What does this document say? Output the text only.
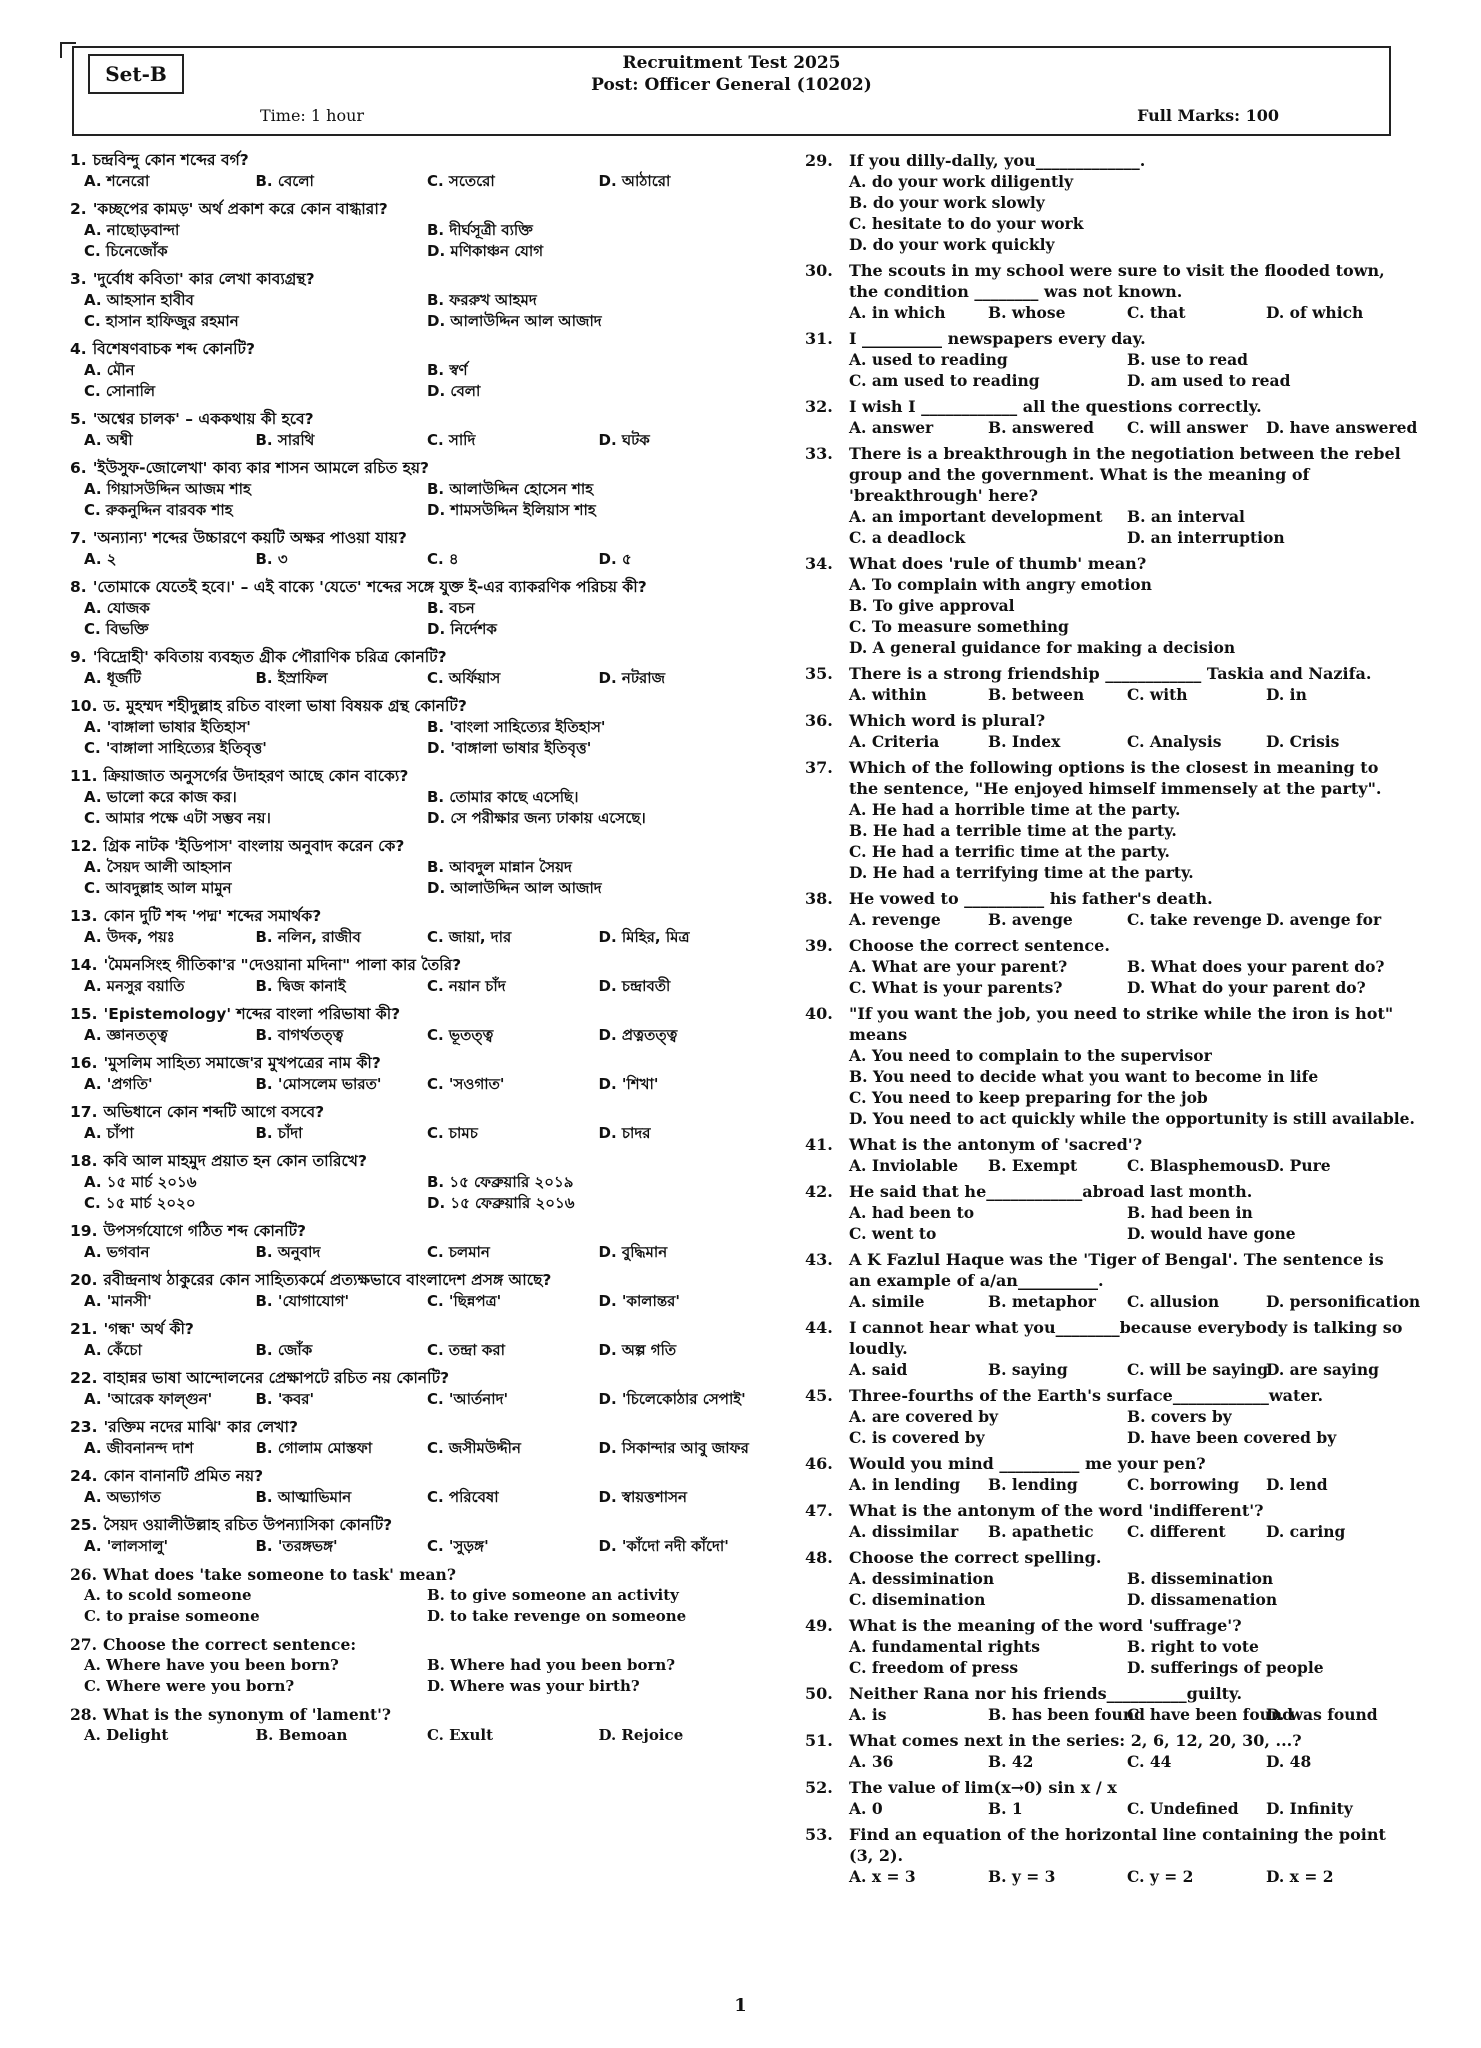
Set-B	Recruitment Test 2025
Post: Officer General (10202)
Time: 1 hour	Full Marks: 100
1. চন্দ্রবিন্দু কোন শব্দের বর্গ?
A. শনেরো	B. বেলো	C. সতেরো	D. আঠারো
2. 'কচ্ছপের কামড়' অর্থ প্রকাশ করে কোন বাগ্ধারা?
A. নাছোড়বান্দা	B. দীর্ঘসূত্রী ব্যক্তি
C. চিনেজোঁক	D. মণিকাঞ্চন যোগ
3. 'দুর্বোধ কবিতা' কার লেখা কাব্যগ্রন্থ?
A. আহসান হাবীব	B. ফররুখ আহমদ
C. হাসান হাফিজুর রহমান	D. আলাউদ্দিন আল আজাদ
4. বিশেষণবাচক শব্দ কোনটি?
A. মৌন	B. স্বর্ণ
C. সোনালি	D. বেলা
5. 'অশ্বের চালক' – এককথায় কী হবে?
A. অশ্বী	B. সারথি	C. সাদি	D. ঘটক
6. 'ইউসুফ-জোলেখা' কাব্য কার শাসন আমলে রচিত হয়?
A. গিয়াসউদ্দিন আজম শাহ	B. আলাউদ্দিন হোসেন শাহ
C. রুকনুদ্দিন বারবক শাহ	D. শামসউদ্দিন ইলিয়াস শাহ
7. 'অন্যান্য' শব্দের উচ্চারণে কয়টি অক্ষর পাওয়া যায়?
A. ২	B. ৩	C. ৪	D. ৫
8. 'তোমাকে যেতেই হবে।' – এই বাক্যে 'যেতে' শব্দের সঙ্গে যুক্ত ই-এর ব্যাকরণিক পরিচয় কী?
A. যোজক	B. বচন
C. বিভক্তি	D. নির্দেশক
9. 'বিদ্রোহী' কবিতায় ব্যবহৃত গ্রীক পৌরাণিক চরিত্র কোনটি?
A. ধূর্জটি	B. ইস্রাফিল	C. অর্ফিয়াস	D. নটরাজ
10. ড. মুহম্মদ শহীদুল্লাহ রচিত বাংলা ভাষা বিষয়ক গ্রন্থ কোনটি?
A. 'বাঙ্গালা ভাষার ইতিহাস'	B. 'বাংলা সাহিত্যের ইতিহাস'
C. 'বাঙ্গালা সাহিত্যের ইতিবৃত্ত'	D. 'বাঙ্গালা ভাষার ইতিবৃত্ত'
11. ক্রিয়াজাত অনুসর্গের উদাহরণ আছে কোন বাক্যে?
A. ভালো করে কাজ কর।	B. তোমার কাছে এসেছি।
C. আমার পক্ষে এটা সম্ভব নয়।	D. সে পরীক্ষার জন্য ঢাকায় এসেছে।
12. গ্রিক নাটক 'ইডিপাস' বাংলায় অনুবাদ করেন কে?
A. সৈয়দ আলী আহসান	B. আবদুল মান্নান সৈয়দ
C. আবদুল্লাহ আল মামুন	D. আলাউদ্দিন আল আজাদ
13. কোন দুটি শব্দ 'পদ্ম' শব্দের সমার্থক?
A. উদক, পয়ঃ	B. নলিন, রাজীব	C. জায়া, দার	D. মিহির, মিত্র
14. 'মৈমনসিংহ গীতিকা'র "দেওয়ানা মদিনা" পালা কার তৈরি?
A. মনসুর বয়াতি	B. দ্বিজ কানাই	C. নয়ান চাঁদ	D. চন্দ্রাবতী
15. 'Epistemology' শব্দের বাংলা পরিভাষা কী?
A. জ্ঞানতত্ত্ব	B. বাগর্থতত্ত্ব	C. ভূতত্ত্ব	D. প্রত্নতত্ত্ব
16. 'মুসলিম সাহিত্য সমাজে'র মুখপত্রের নাম কী?
A. 'প্রগতি'	B. 'মোসলেম ভারত'	C. 'সওগাত'	D. 'শিখা'
17. অভিধানে কোন শব্দটি আগে বসবে?
A. চাঁপা	B. চাঁদা	C. চামচ	D. চাদর
18. কবি আল মাহমুদ প্রয়াত হন কোন তারিখে?
A. ১৫ মার্চ ২০১৬	B. ১৫ ফেব্রুয়ারি ২০১৯
C. ১৫ মার্চ ২০২০	D. ১৫ ফেব্রুয়ারি ২০১৬
19. উপসর্গযোগে গঠিত শব্দ কোনটি?
A. ভগবান	B. অনুবাদ	C. চলমান	D. বুদ্ধিমান
20. রবীন্দ্রনাথ ঠাকুরের কোন সাহিত্যকর্মে প্রত্যক্ষভাবে বাংলাদেশ প্রসঙ্গ আছে?
A. 'মানসী'	B. 'যোগাযোগ'	C. 'ছিন্নপত্র'	D. 'কালান্তর'
21. 'গন্ধ' অর্থ কী?
A. কেঁচো	B. জোঁক	C. তন্দ্রা করা	D. অল্প গতি
22. বাহান্নর ভাষা আন্দোলনের প্রেক্ষাপটে রচিত নয় কোনটি?
A. 'আরেক ফাল্গুন'	B. 'কবর'	C. 'আর্তনাদ'	D. 'চিলেকোঠার সেপাই'
23. 'রক্তিম নদের মাঝি' কার লেখা?
A. জীবনানন্দ দাশ	B. গোলাম মোস্তফা	C. জসীমউদ্দীন	D. সিকান্দার আবু জাফর
24. কোন বানানটি প্রমিত নয়?
A. অভ্যাগত	B. আত্মাভিমান	C. পরিবেষা	D. স্বায়ত্তশাসন
25. সৈয়দ ওয়ালীউল্লাহ রচিত উপন্যাসিকা কোনটি?
A. 'লালসালু'	B. 'তরঙ্গভঙ্গ'	C. 'সুড়ঙ্গ'	D. 'কাঁদো নদী কাঁদো'
26. What does 'take someone to task' mean?
A. to scold someone	B. to give someone an activity
C. to praise someone	D. to take revenge on someone
27. Choose the correct sentence:
A. Where have you been born?	B. Where had you been born?
C. Where were you born?	D. Where was your birth?
28. What is the synonym of 'lament'?
A. Delight	B. Bemoan	C. Exult	D. Rejoice
29.	If you dilly-dally, you_____________.
A. do your work diligently
B. do your work slowly
C. hesitate to do your work
D. do your work quickly
30.	The scouts in my school were sure to visit the flooded town, the condition ________ was not known.
A. in which	B. whose	C. that	D. of which
31.	I __________ newspapers every day.
A. used to reading	B. use to read
C. am used to reading	D. am used to read
32.	I wish I ____________ all the questions correctly.
A. answer	B. answered	C. will answer	D. have answered
33.	There is a breakthrough in the negotiation between the rebel group and the government. What is the meaning of 'breakthrough' here?
A. an important development	B. an interval
C. a deadlock	D. an interruption
34.	What does 'rule of thumb' mean?
A. To complain with angry emotion
B. To give approval
C. To measure something
D. A general guidance for making a decision
35.	There is a strong friendship ____________ Taskia and Nazifa.
A. within	B. between	C. with	D. in
36.	Which word is plural?
A. Criteria	B. Index	C. Analysis	D. Crisis
37.	Which of the following options is the closest in meaning to the sentence, "He enjoyed himself immensely at the party".
A. He had a horrible time at the party.
B. He had a terrible time at the party.
C. He had a terrific time at the party.
D. He had a terrifying time at the party.
38.	He vowed to __________ his father's death.
A. revenge	B. avenge	C. take revenge D. avenge for
39.	Choose the correct sentence.
A. What are your parent?	B. What does your parent do?
C. What is your parents?	D. What do your parent do?
40.	"If you want the job, you need to strike while the iron is hot" means
A. You need to complain to the supervisor
B. You need to decide what you want to become in life
C. You need to keep preparing for the job
D. You need to act quickly while the opportunity is still available.
41.	What is the antonym of 'sacred'?
A. Inviolable	B. Exempt	C. Blasphemous D. Pure
42.	He said that he____________abroad last month.
A. had been to	B. had been in
C. went to	D. would have gone
43.	A K Fazlul Haque was the 'Tiger of Bengal'. The sentence is an example of a/an__________.
A. simile	B. metaphor	C. allusion	D. personification
44.	I cannot hear what you________because everybody is talking so loudly.
A. said	B. saying	C. will be saying
D. are saying
45.	Three-fourths of the Earth's surface____________water.
A. are covered by	B. covers by
C. is covered by	D. have been covered by
46.	Would you mind __________ me your pen?
A. in lending	B. lending	C. borrowing	D. lend
47.	What is the antonym of the word 'indifferent'?
A. dissimilar	B. apathetic	C. different	D. caring
48.	Choose the correct spelling.
A. dessimination	B. dissemination
C. disemination	D. dissamenation
49.	What is the meaning of the word 'suffrage'?
A. fundamental rights	B. right to vote
C. freedom of press	D. sufferings of people
50.	Neither Rana nor his friends__________guilty.
A. is	B. has been found
C. have been found
D. was found
51.	What comes next in the series: 2, 6, 12, 20, 30, ...?
A. 36	B. 42	C. 44	D. 48
52.	The value of lim(x→0) sin x / x
A. 0	B. 1	C. Undefined	D. Infinity
53.	Find an equation of the horizontal line containing the point (3, 2).
A. x = 3	B. y = 3	C. y = 2	D. x = 2
1
